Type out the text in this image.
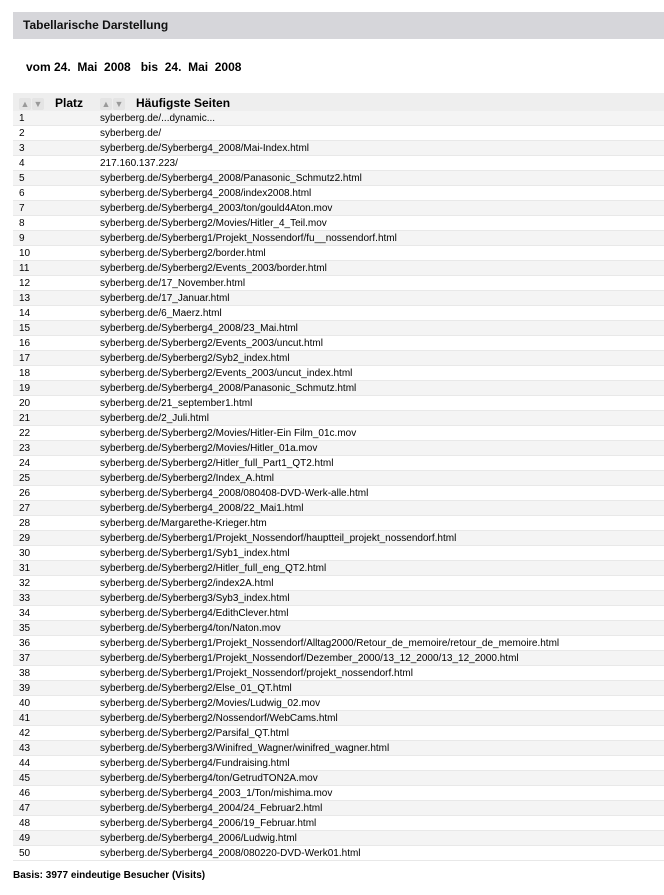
Tabellarische Darstellung
vom 24.  Mai  2008   bis  24.  Mai  2008
▲ ▼ Platz ▲ ▼ Häufigste Seiten
1	syberberg.de/...dynamic...
2	syberberg.de/
3	syberberg.de/Syberberg4_2008/Mai-Index.html
4	217.160.137.223/
5	syberberg.de/Syberberg4_2008/Panasonic_Schmutz2.html
6	syberberg.de/Syberberg4_2008/index2008.html
7	syberberg.de/Syberberg4_2003/ton/gould4Aton.mov
8	syberberg.de/Syberberg2/Movies/Hitler_4_Teil.mov
9	syberberg.de/Syberberg1/Projekt_Nossendorf/fu__nossendorf.html
10	syberberg.de/Syberberg2/border.html
11	syberberg.de/Syberberg2/Events_2003/border.html
12	syberberg.de/17_November.html
13	syberberg.de/17_Januar.html
14	syberberg.de/6_Maerz.html
15	syberberg.de/Syberberg4_2008/23_Mai.html
16	syberberg.de/Syberberg2/Events_2003/uncut.html
17	syberberg.de/Syberberg2/Syb2_index.html
18	syberberg.de/Syberberg2/Events_2003/uncut_index.html
19	syberberg.de/Syberberg4_2008/Panasonic_Schmutz.html
20	syberberg.de/21_september1.html
21	syberberg.de/2_Juli.html
22	syberberg.de/Syberberg2/Movies/Hitler-Ein Film_01c.mov
23	syberberg.de/Syberberg2/Movies/Hitler_01a.mov
24	syberberg.de/Syberberg2/Hitler_full_Part1_QT2.html
25	syberberg.de/Syberberg2/Index_A.html
26	syberberg.de/Syberberg4_2008/080408-DVD-Werk-alle.html
27	syberberg.de/Syberberg4_2008/22_Mai1.html
28	syberberg.de/Margarethe-Krieger.htm
29	syberberg.de/Syberberg1/Projekt_Nossendorf/hauptteil_projekt_nossendorf.html
30	syberberg.de/Syberberg1/Syb1_index.html
31	syberberg.de/Syberberg2/Hitler_full_eng_QT2.html
32	syberberg.de/Syberberg2/index2A.html
33	syberberg.de/Syberberg3/Syb3_index.html
34	syberberg.de/Syberberg4/EdithClever.html
35	syberberg.de/Syberberg4/ton/Naton.mov
36	syberberg.de/Syberberg1/Projekt_Nossendorf/Alltag2000/Retour_de_memoire/retour_de_memoire.html
37	syberberg.de/Syberberg1/Projekt_Nossendorf/Dezember_2000/13_12_2000/13_12_2000.html
38	syberberg.de/Syberberg1/Projekt_Nossendorf/projekt_nossendorf.html
39	syberberg.de/Syberberg2/Else_01_QT.html
40	syberberg.de/Syberberg2/Movies/Ludwig_02.mov
41	syberberg.de/Syberberg2/Nossendorf/WebCams.html
42	syberberg.de/Syberberg2/Parsifal_QT.html
43	syberberg.de/Syberberg3/Winifred_Wagner/winifred_wagner.html
44	syberberg.de/Syberberg4/Fundraising.html
45	syberberg.de/Syberberg4/ton/GetrudTON2A.mov
46	syberberg.de/Syberberg4_2003_1/Ton/mishima.mov
47	syberberg.de/Syberberg4_2004/24_Februar2.html
48	syberberg.de/Syberberg4_2006/19_Februar.html
49	syberberg.de/Syberberg4_2006/Ludwig.html
50	syberberg.de/Syberberg4_2008/080220-DVD-Werk01.html
Basis: 3977 eindeutige Besucher (Visits)
